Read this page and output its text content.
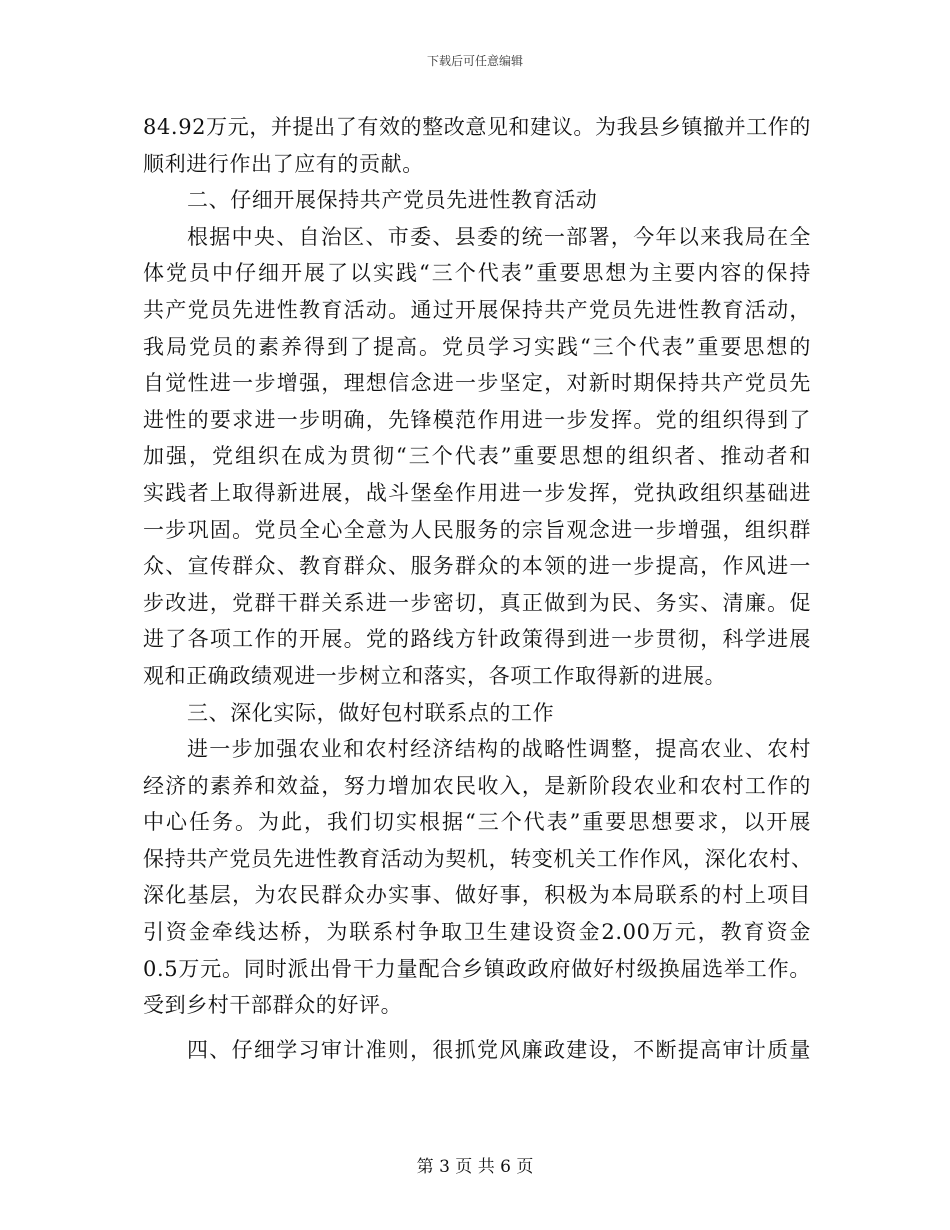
下载后可任意编辑
84.92万元，并提出了有效的整改意见和建议。为我县乡镇撤并工作的
顺利进行作出了应有的贡献。
二、仔细开展保持共产党员先进性教育活动
根据中央、自治区、市委、县委的统一部署，今年以来我局在全
体党员中仔细开展了以实践“三个代表”重要思想为主要内容的保持
共产党员先进性教育活动。通过开展保持共产党员先进性教育活动，
我局党员的素养得到了提高。党员学习实践“三个代表”重要思想的
自觉性进一步增强，理想信念进一步坚定，对新时期保持共产党员先
进性的要求进一步明确，先锋模范作用进一步发挥。党的组织得到了
加强，党组织在成为贯彻“三个代表”重要思想的组织者、推动者和
实践者上取得新进展，战斗堡垒作用进一步发挥，党执政组织基础进
一步巩固。党员全心全意为人民服务的宗旨观念进一步增强，组织群
众、宣传群众、教育群众、服务群众的本领的进一步提高，作风进一
步改进，党群干群关系进一步密切，真正做到为民、务实、清廉。促
进了各项工作的开展。党的路线方针政策得到进一步贯彻，科学进展
观和正确政绩观进一步树立和落实，各项工作取得新的进展。
三、深化实际，做好包村联系点的工作
进一步加强农业和农村经济结构的战略性调整，提高农业、农村
经济的素养和效益，努力增加农民收入，是新阶段农业和农村工作的
中心任务。为此，我们切实根据“三个代表”重要思想要求，以开展
保持共产党员先进性教育活动为契机，转变机关工作作风，深化农村、
深化基层，为农民群众办实事、做好事，积极为本局联系的村上项目
引资金牵线达桥，为联系村争取卫生建设资金2.00万元，教育资金
0.5万元。同时派出骨干力量配合乡镇政政府做好村级换届选举工作。
受到乡村干部群众的好评。
四、仔细学习审计准则，很抓党风廉政建设，不断提高审计质量
第 3 页 共 6 页
